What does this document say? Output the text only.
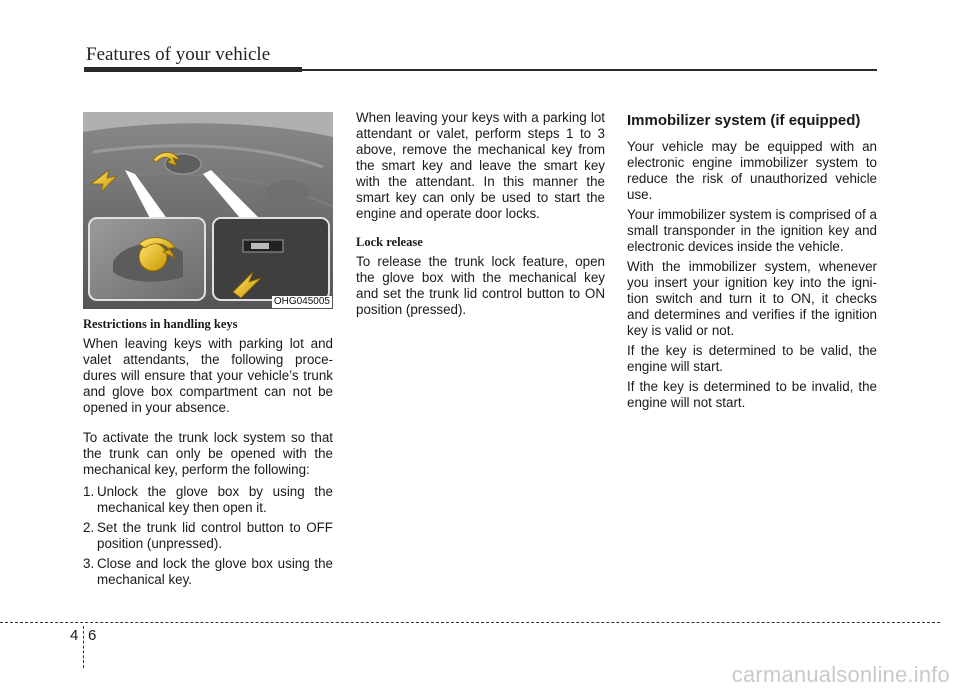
Features of your vehicle
OHG045005
Restrictions in handling keys

When leaving keys with parking lot and valet attendants, the following proce-dures will ensure that your vehicle’s trunk and glove box compartment can not be opened in your absence.

To activate the trunk lock system so that the trunk can only be opened with the mechanical key, perform the following:

1. Unlock the glove box by using the mechanical key then open it.
2. Set the trunk lid control button to OFF position (unpressed).
3. Close and lock the glove box using the mechanical key.

When leaving your keys with a parking lot attendant or valet, perform steps 1 to 3 above, remove the mechanical key from the smart key and leave the smart key with the attendant. In this manner the smart key can only be used to start the engine and operate door locks.

Lock release

To release the trunk lock feature, open the glove box with the mechanical key and set the trunk lid control button to ON position (pressed).

Immobilizer system (if equipped)

Your vehicle may be equipped with an electronic engine immobilizer system to reduce the risk of unauthorized vehicle use.

Your immobilizer system is comprised of a small transponder in the ignition key and electronic devices inside the vehicle.

With the immobilizer system, whenever you insert your ignition key into the igni-tion switch and turn it to ON, it checks and determines and verifies if the ignition key is valid or not.

If the key is determined to be valid, the engine will start.

If the key is determined to be invalid, the engine will not start.

4 6
carmanualsonline.info
